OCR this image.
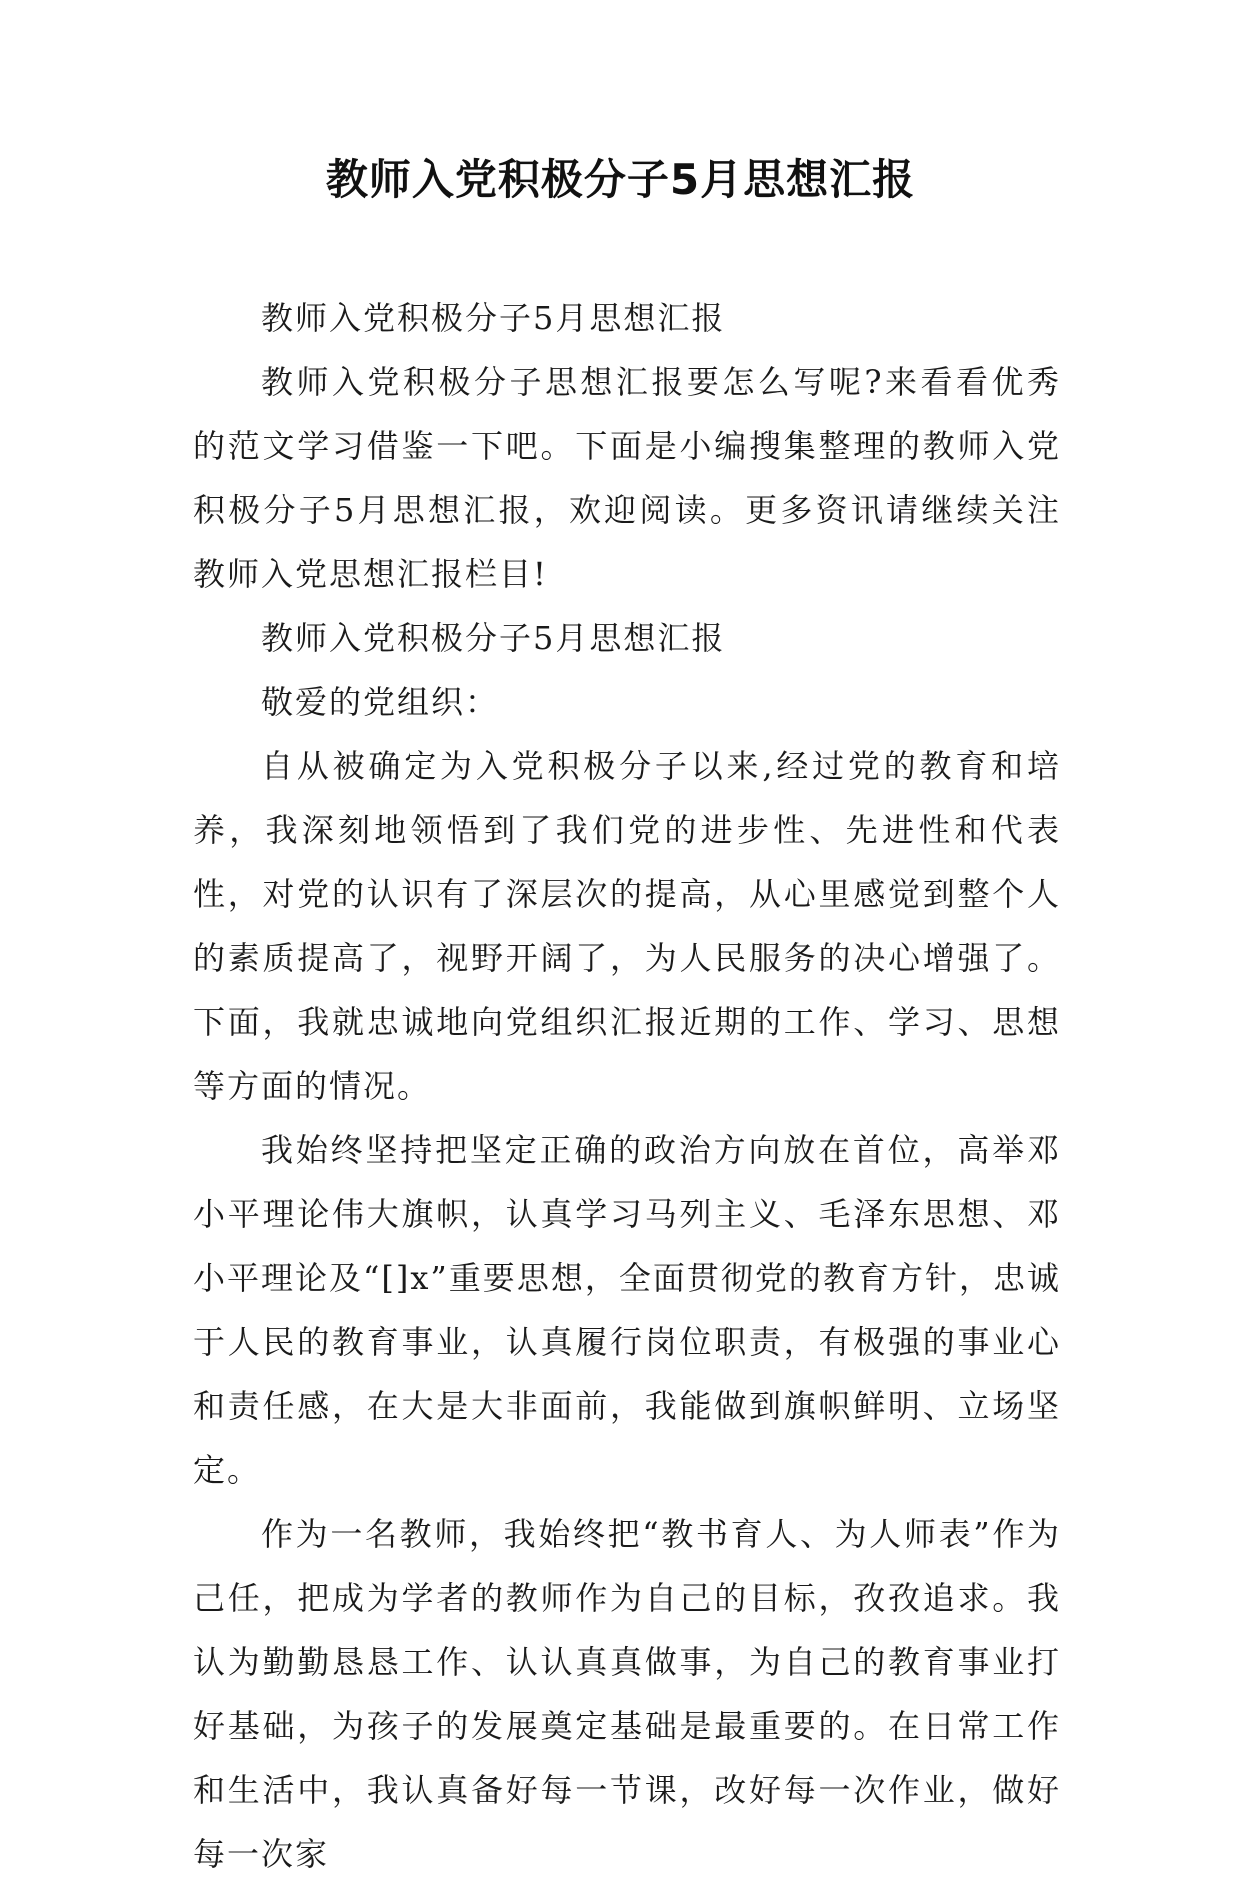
教师入党积极分子5月思想汇报

教师入党积极分子5月思想汇报

教师入党积极分子思想汇报要怎么写呢?来看看优秀的范文学习借鉴一下吧。下面是小编搜集整理的教师入党积极分子5月思想汇报，欢迎阅读。更多资讯请继续关注教师入党思想汇报栏目!

教师入党积极分子5月思想汇报

敬爱的党组织：

自从被确定为入党积极分子以来,经过党的教育和培养，我深刻地领悟到了我们党的进步性、先进性和代表性，对党的认识有了深层次的提高，从心里感觉到整个人的素质提高了，视野开阔了，为人民服务的决心增强了。下面，我就忠诚地向党组织汇报近期的工作、学习、思想等方面的情况。

我始终坚持把坚定正确的政治方向放在首位，高举邓小平理论伟大旗帜，认真学习马列主义、毛泽东思想、邓小平理论及“[]x”重要思想，全面贯彻党的教育方针，忠诚于人民的教育事业，认真履行岗位职责，有极强的事业心和责任感，在大是大非面前，我能做到旗帜鲜明、立场坚定。

作为一名教师，我始终把“教书育人、为人师表”作为己任，把成为学者的教师作为自己的目标，孜孜追求。我认为勤勤恳恳工作、认认真真做事，为自己的教育事业打好基础，为孩子的发展奠定基础是最重要的。在日常工作和生活中，我认真备好每一节课，改好每一次作业，做好每一次家
